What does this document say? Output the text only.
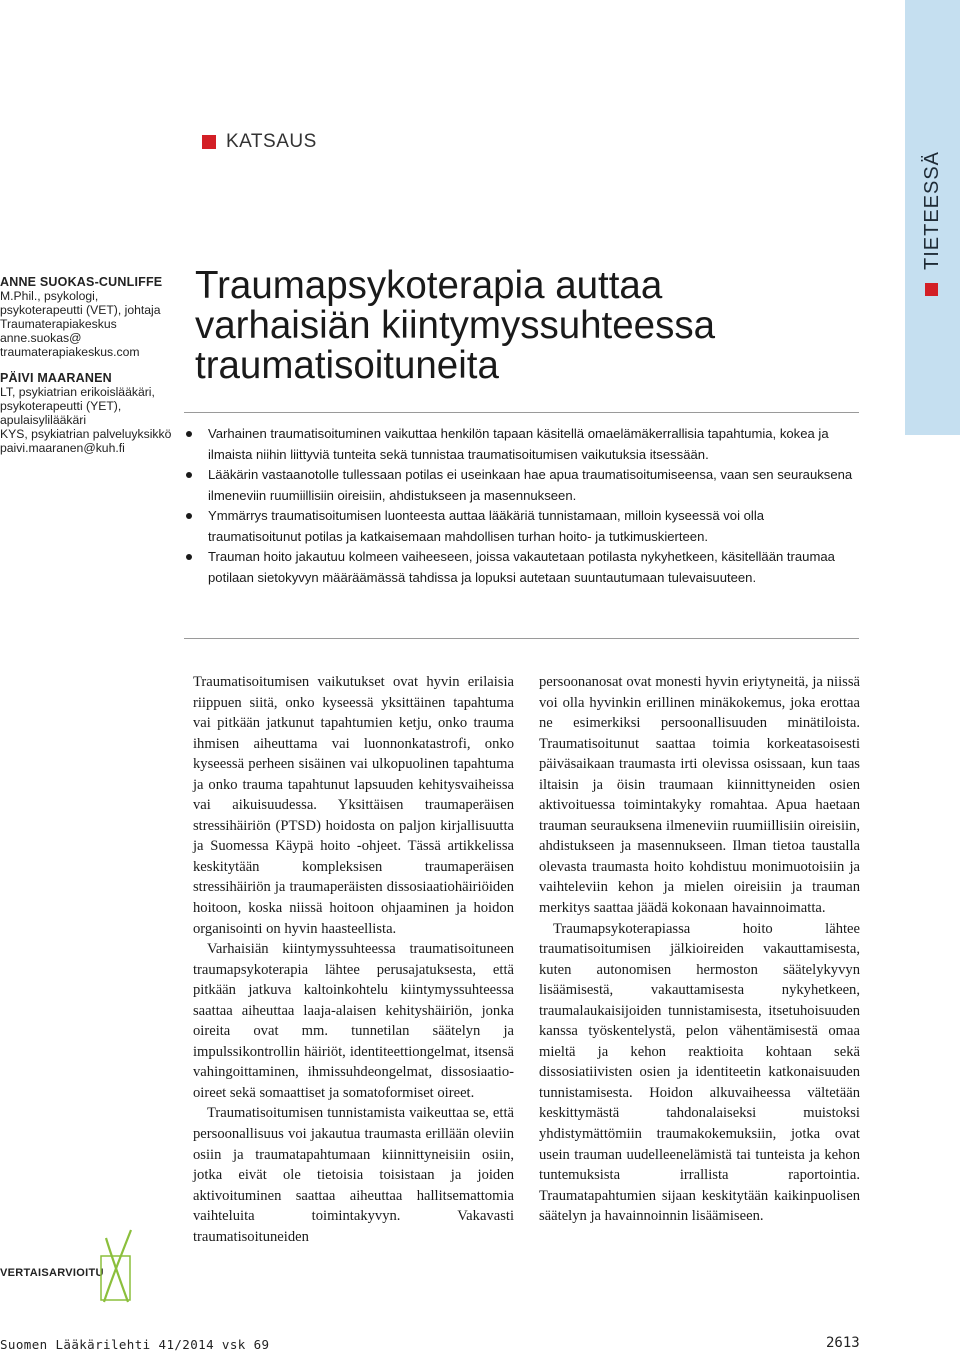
TIETEESSÄ
KATSAUS
ANNE SUOKAS-CUNLIFFE
M.Phil., psykologi,
psykoterapeutti (VET), johtaja
Traumaterapiakeskus
anne.suokas@
traumaterapiakeskus.com
PÄIVI MAARANEN
LT, psykiatrian erikoislääkäri,
psykoterapeutti (YET),
apulaisylilääkäri
KYS, psykiatrian palveluyksikkö
paivi.maaranen@kuh.fi
Traumapsykoterapia auttaa
varhaisiän kiintymyssuhteessa
traumatisoituneita
Varhainen traumatisoituminen vaikuttaa henkilön tapaan käsitellä omaelämäkerrallisia tapahtumia, kokea ja ilmaista niihin liittyviä tunteita sekä tunnistaa traumatisoitumisen vaikutuksia itsessään.
Lääkärin vastaanotolle tullessaan potilas ei useinkaan hae apua traumatisoitumiseensa, vaan sen seurauksena ilmeneviin ruumiillisiin oireisiin, ahdistukseen ja masennukseen.
Ymmärrys traumatisoitumisen luonteesta auttaa lääkäriä tunnistamaan, milloin kyseessä voi olla traumatisoitunut potilas ja katkaisemaan mahdollisen turhan hoito- ja tutkimuskierteen.
Trauman hoito jakautuu kolmeen vaiheeseen, joissa vakautetaan potilasta nykyhetkeen, käsitellään traumaa potilaan sietokyvyn määräämässä tahdissa ja lopuksi autetaan suuntautumaan tulevaisuuteen.

Traumatisoitumisen vaikutukset ovat hyvin erilaisia riippuen siitä, onko kyseessä yksittäinen tapahtuma vai pitkään jatkunut tapahtumien ketju, onko trauma ihmisen aiheuttama vai luonnonkatastrofi, onko kyseessä perheen sisäinen vai ulkopuolinen tapahtuma ja onko trauma tapahtunut lapsuuden kehitysvaiheissa vai aikuisuudessa. Yksittäisen traumaperäisen stressihäiriön (PTSD) hoidosta on paljon kirjallisuutta ja Suomessa Käypä hoito -ohjeet. Tässä artikkelissa keskitytään kompleksisen traumaperäisen stressihäiriön ja traumaperäisten dissosiaatiohäiriöiden hoitoon, koska niissä hoitoon ohjaaminen ja hoidon organisointi on hyvin haasteellista.

Varhaisiän kiintymyssuhteessa traumatisoituneen traumapsykoterapia lähtee perusajatuksesta, että pitkään jatkuva kaltoinkohtelu kiintymyssuhteessa saattaa aiheuttaa laaja-alaisen kehityshäiriön, jonka oireita ovat mm. tunnetilan säätelyn ja impulssikontrollin häiriöt, identiteettiongelmat, itsensä vahingoittaminen, ihmissuhdeongelmat, dissosiaatio-oireet sekä somaattiset ja somatoformiset oireet.

Traumatisoitumisen tunnistamista vaikeuttaa se, että persoonallisuus voi jakautua traumasta erillään oleviin osiin ja traumatapahtumaan kiinnittyneisiin osiin, jotka eivät ole tietoisia toisistaan ja joiden aktivoituminen saattaa aiheuttaa hallitsemattomia vaihteluita toimintakyvyn. Vakavasti traumatisoituneiden

persoonanosat ovat monesti hyvin eriytyneitä, ja niissä voi olla hyvinkin erillinen minäkokemus, joka erottaa ne esimerkiksi persoonallisuuden minätiloista. Traumatisoitunut saattaa toimia korkeatasoisesti päiväsaikaan traumasta irti olevissa osissaan, kun taas iltaisin ja öisin traumaan kiinnittyneiden osien aktivoituessa toimintakyky romahtaa. Apua haetaan trauman seurauksena ilmeneviin ruumiillisiin oireisiin, ahdistukseen ja masennukseen. Ilman tietoa taustalla olevasta traumasta hoito kohdistuu monimuotoisiin ja vaihteleviin kehon ja mielen oireisiin ja trauman merkitys saattaa jäädä kokonaan havainnoimatta.

Traumapsykoterapiassa hoito lähtee traumatisoitumisen jälkioireiden vakauttamisesta, kuten autonomisen hermoston säätelykyvyn lisäämisestä, vakauttamisesta nykyhetkeen, traumalaukaisijoiden tunnistamisesta, itsetuhoisuuden kanssa työskentelystä, pelon vähentämisestä omaa mieltä ja kehon reaktioita kohtaan sekä dissosiatiivisten osien ja identiteetin katkonaisuuden tunnistamisesta. Hoidon alkuvaiheessa vältetään keskittymästä tahdonalaiseksi muistoksi yhdistymättömiin traumakokemuksiin, jotka ovat usein trauman uudelleenelämistä tai tunteista ja kehon tuntemuksista irrallista raportointia. Traumatapahtumien sijaan keskitytään kaikinpuolisen säätelyn ja havainnoinnin lisäämiseen.

VERTAISARVIOITU
Suomen Lääkärilehti 41/2014 vsk 69	2613
